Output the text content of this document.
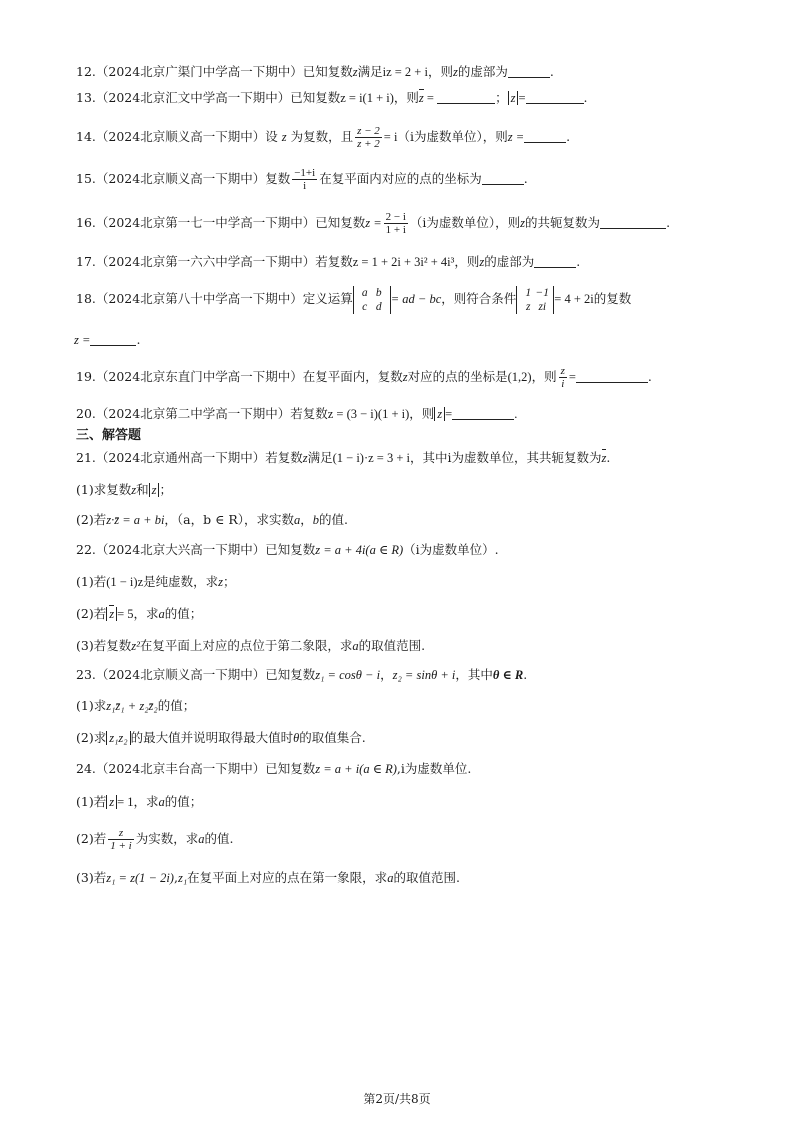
12.（2024北京广渠门中学高一下期中）已知复数z满足iz = 2 + i，则z的虚部为	.
13.（2024北京汇文中学高一下期中）已知复数z = i(1 + i)，则z =	； z =	.
14.（2024北京顺义高一下期中）设 z 为复数，且 $\frac{z - 2}{z + 2} = i(i$为虚数单位），则z =	.
15.（2024北京顺义高一下期中）复数 $\frac{-1+i}{i}$ 在复平面内对应的点的坐标为	.
16.（2024北京第一七一中学高一下期中）已知复数$z = \frac{2 - i}{1 + i} (i$为虚数单位），则z的共轭复数为	.
17.（2024北京第一六六中学高一下期中）若复数z = 1 + 2i + 3i² + 4i³，则z的虚部为	.
18.（2024北京第八十中学高一下期中）定义运算 a b
c d= ad − bc，则符合条件 1 −1
z zi= 4 + 2i的复数
z =	.
19.（2024北京东直门中学高一下期中）在复平面内，复数z对应的点的坐标是(1,2)，则 $\frac{z}{i}$ =	.
20.（2024北京第二中学高一下期中）若复数z = (3 − i)(1 + i)，则 z =	.
三、解答题
21.（2024北京通州高一下期中）若复数z满足(1 − i)·z = 3 + i，其中i为虚数单位，其共轭复数为z.
(1)求复数z和 z ；
(2)若z·z̄ = a + bi，（a，b ∈ R），求实数a，b的值.
22.（2024北京大兴高一下期中）已知复数z = a + 4i(a ∈ R)（i为虚数单位）.
(1)若(1 − i)z是纯虚数，求z；
(2)若 z = 5，求a的值；
(3)若复数z²在复平面上对应的点位于第二象限，求a的取值范围.
23.（2024北京顺义高一下期中）已知复数z₁ = cosθ − i，z₂ = sinθ + i，其中θ ∈ R.
(1)求z₁z̄₁ + z₂z̄₂的值；
(2)求 z₁z₂ 的最大值并说明取得最大值时θ的取值集合.
24.（2024北京丰台高一下期中）已知复数z = a + i(a ∈ R),i为虚数单位.
(1)若 z = 1，求a的值；
(2)若 $\frac{z}{1 + i}$ 为实数，求a的值.
(3)若z₁ = z(1 − 2i),z₁在复平面上对应的点在第一象限，求a的取值范围.
第2页/共8页
